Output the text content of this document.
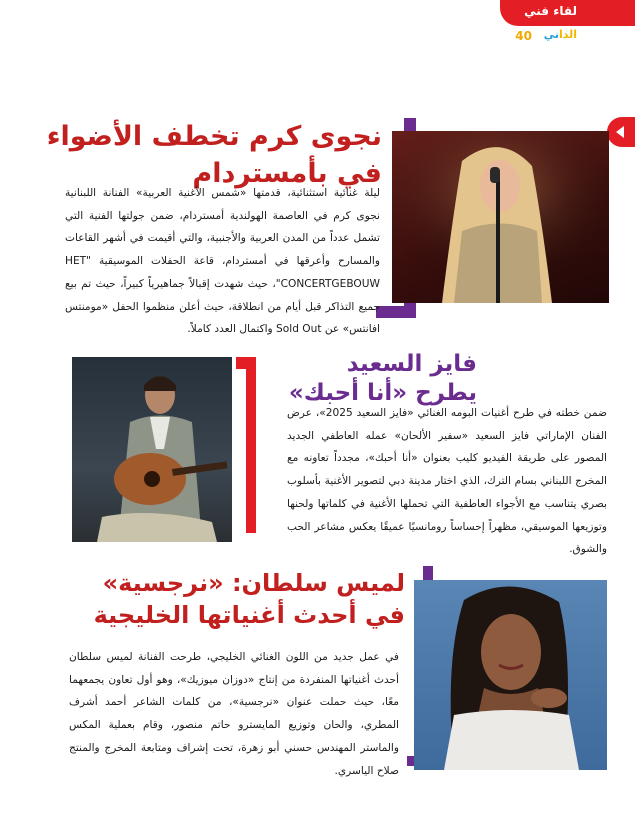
لقاء فني
الداني
40
نجوى كرم تخطف الأضواء
في بأمستردام
ليلة غنائية استثنائية، قدمتها «شمس الأغنية العربية» الفنانة اللبنانية نجوى كرم في العاصمة الهولندية أمستردام، ضمن جولتها الفنية التي تشمل عدداً من المدن العربية والأجنبية، والتي أقيمت في أشهر القاعات والمسارح وأعرقها في أمستردام، قاعة الحفلات الموسيقية "HET CONCERTGEBOUW"، حيث شهدت إقبالاً جماهيرياً كبيراً، حيث تم بيع جميع التذاكر قبل أيام من انطلاقة، حيث أعلن منظموا الحفل «مومنتس افانتس» عن Sold Out واكتمال العدد كاملاً.
فايز السعيد
يطرح «أنا أحبك»
ضمن خطته في طرح أغنيات البومه الغنائي «فايز السعيد 2025»، عرض الفنان الإماراتي فايز السعيد «سفير الألحان» عمله العاطفي الجديد المصور على طريقة الفيديو كليب بعنوان «أنا أحبك»، مجدداً تعاونه مع المخرج اللبناني بسام الترك، الذي اختار مدينة دبي لتصوير الأغنية بأسلوب بصري يتناسب مع الأجواء العاطفية التي تحملها الأغنية في كلماتها ولحنها وتوزيعها الموسيقي، مظهراً إحساساً رومانسيًا عميقًا يعكس مشاعر الحب والشوق.
لميس سلطان: «نرجسية»
في أحدث أغنياتها الخليجية
في عمل جديد من اللون الغنائي الخليجي، طرحت الفنانة لميس سلطان أحدث أغنياتها المنفردة من إنتاج «دوزان ميوزيك»، وهو أول تعاون يجمعهما معًا، حيث حملت عنوان «نرجسية»، من كلمات الشاعر أحمد أشرف المطري، والحان وتوزيع المايسترو حاتم منصور، وقام بعملية المكس والماستر المهندس حسني أبو زهرة، تحت إشراف ومتابعة المخرج والمنتج صلاح الياسري.
